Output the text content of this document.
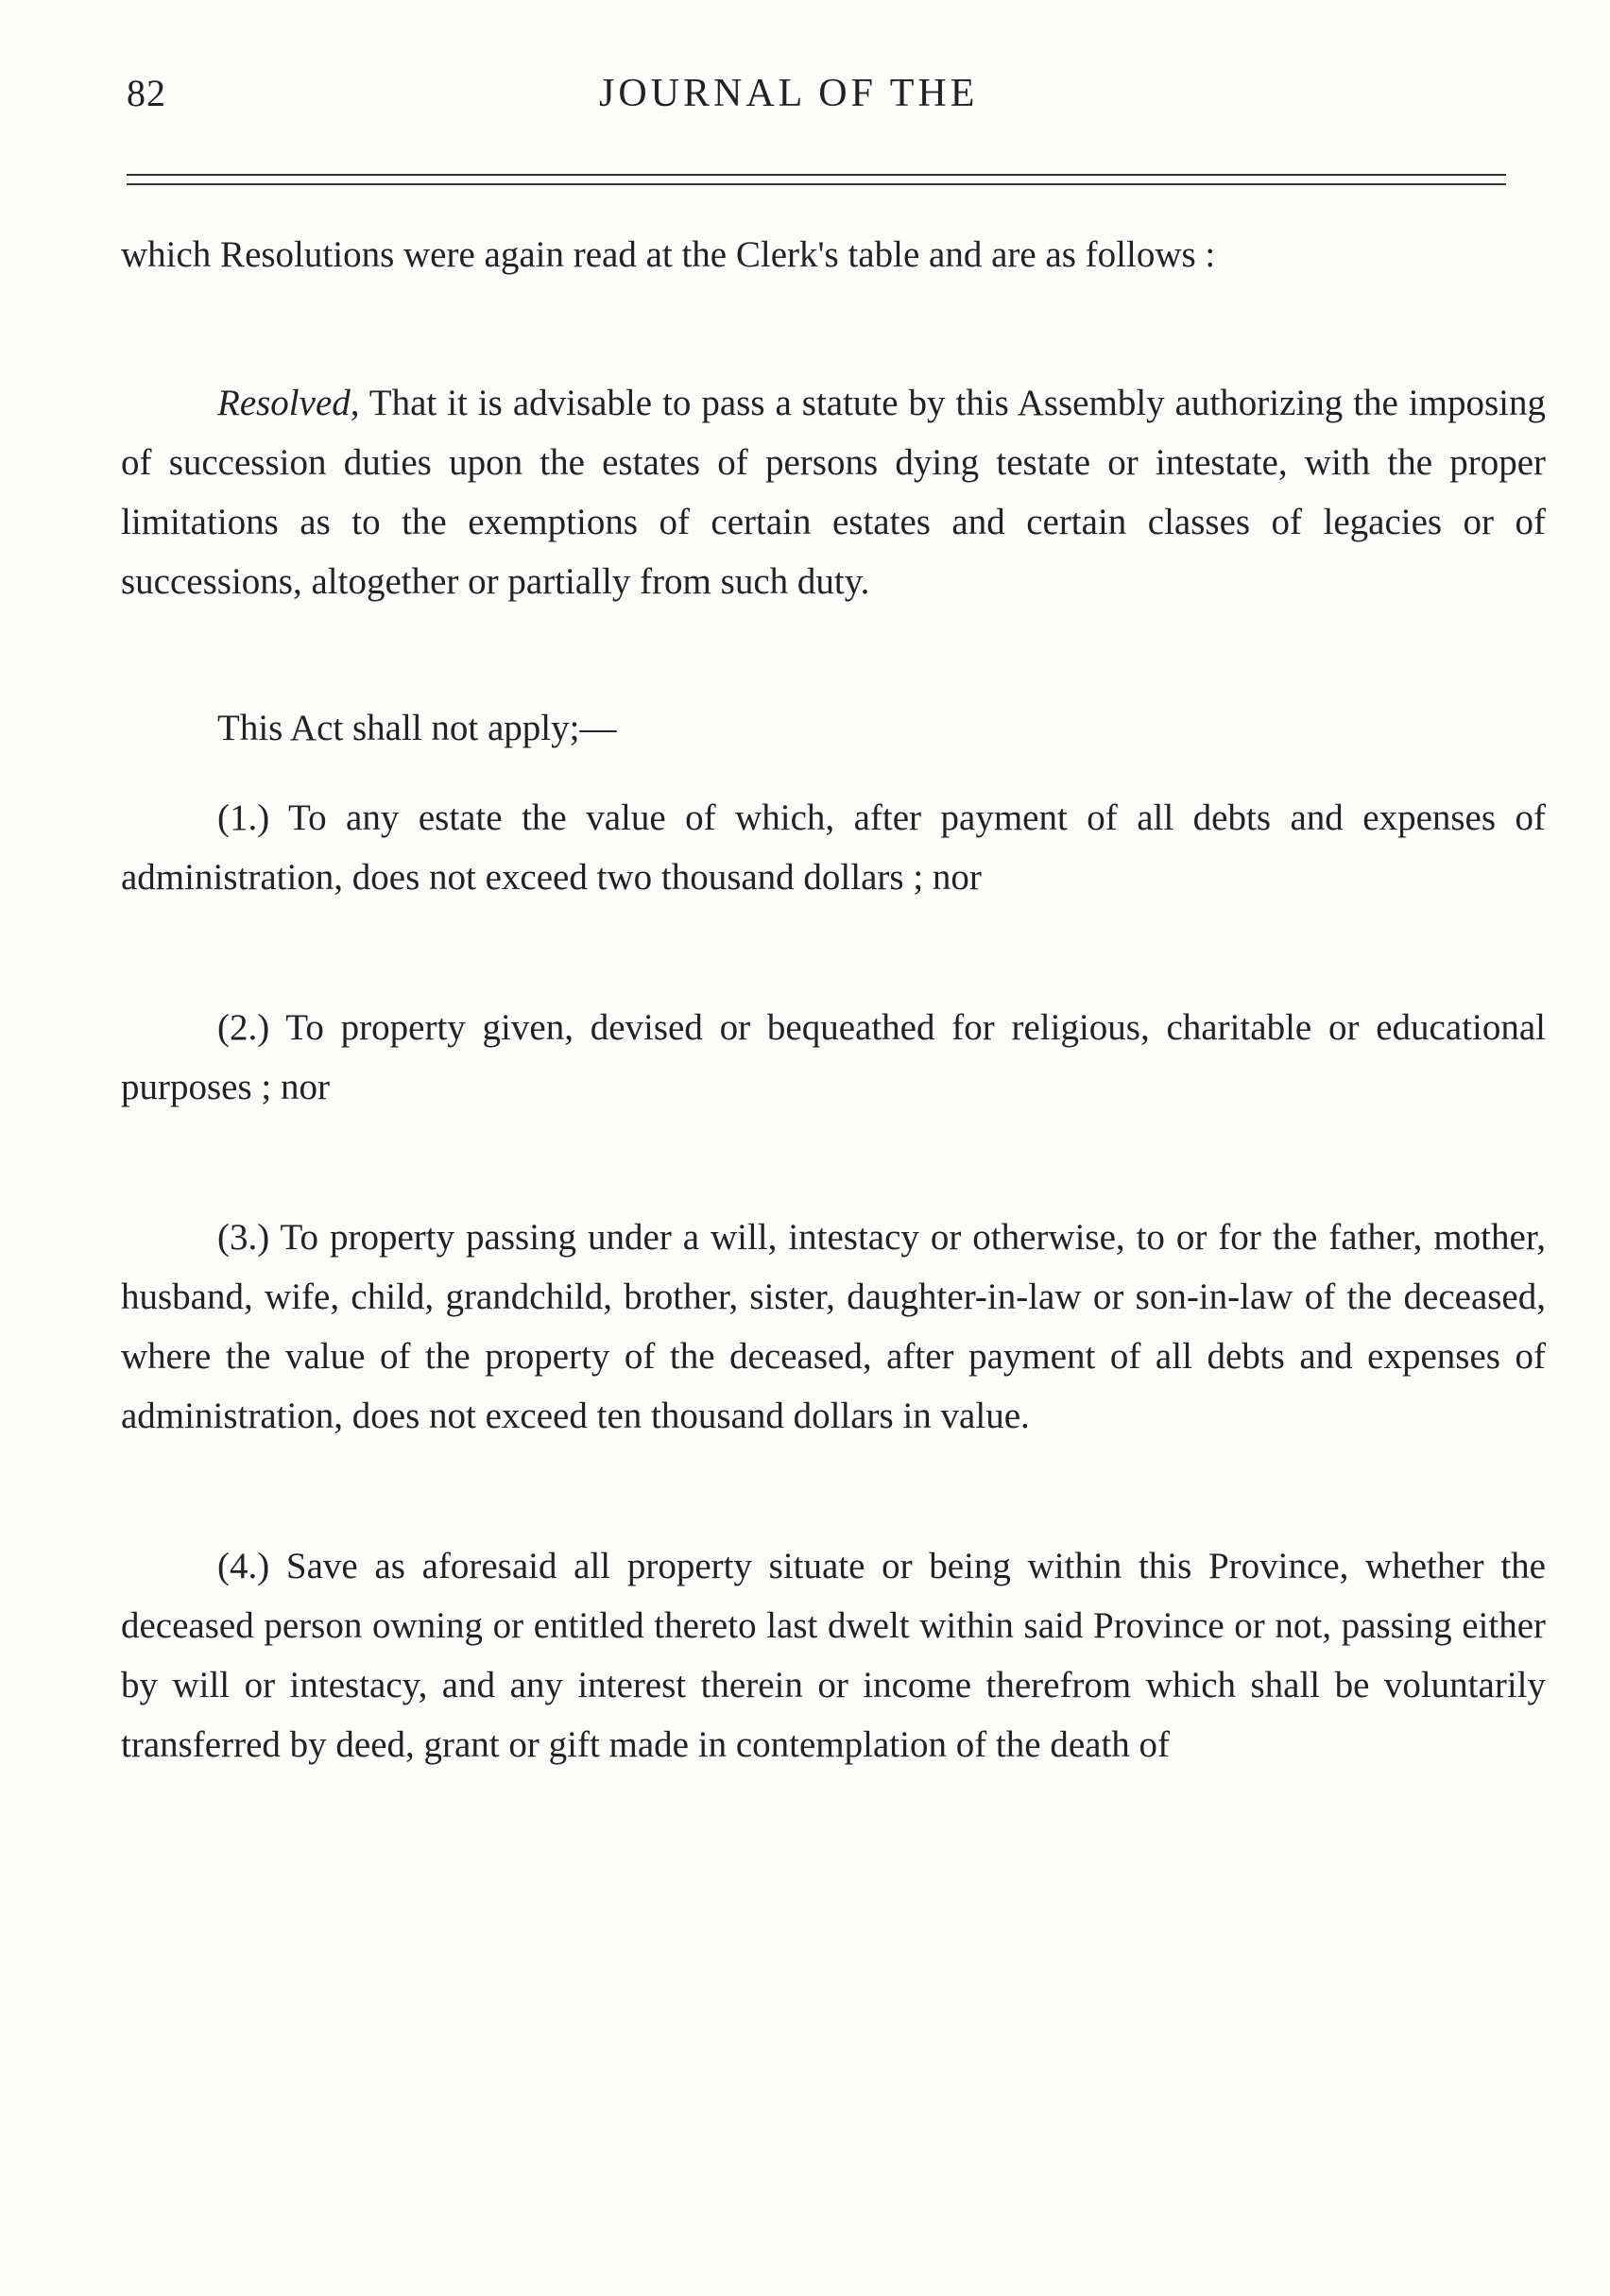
82	JOURNAL OF THE

which Resolutions were again read at the Clerk's table and are as follows :

Resolved, That it is advisable to pass a statute by this Assembly authorizing the imposing of succession duties upon the estates of persons dying testate or intestate, with the proper limitations as to the exemptions of certain estates and certain classes of legacies or of successions, altogether or partially from such duty.

This Act shall not apply;—

(1.) To any estate the value of which, after payment of all debts and expenses of administration, does not exceed two thousand dollars ; nor

(2.) To property given, devised or bequeathed for religious, charitable or educational purposes ; nor

(3.) To property passing under a will, intestacy or otherwise, to or for the father, mother, husband, wife, child, grandchild, brother, sister, daughter-in-law or son-in-law of the deceased, where the value of the property of the deceased, after payment of all debts and expenses of administration, does not exceed ten thousand dollars in value.

(4.) Save as aforesaid all property situate or being within this Province, whether the deceased person owning or entitled thereto last dwelt within said Province or not, passing either by will or intestacy, and any interest therein or income therefrom which shall be voluntarily transferred by deed, grant or gift made in contemplation of the death of
